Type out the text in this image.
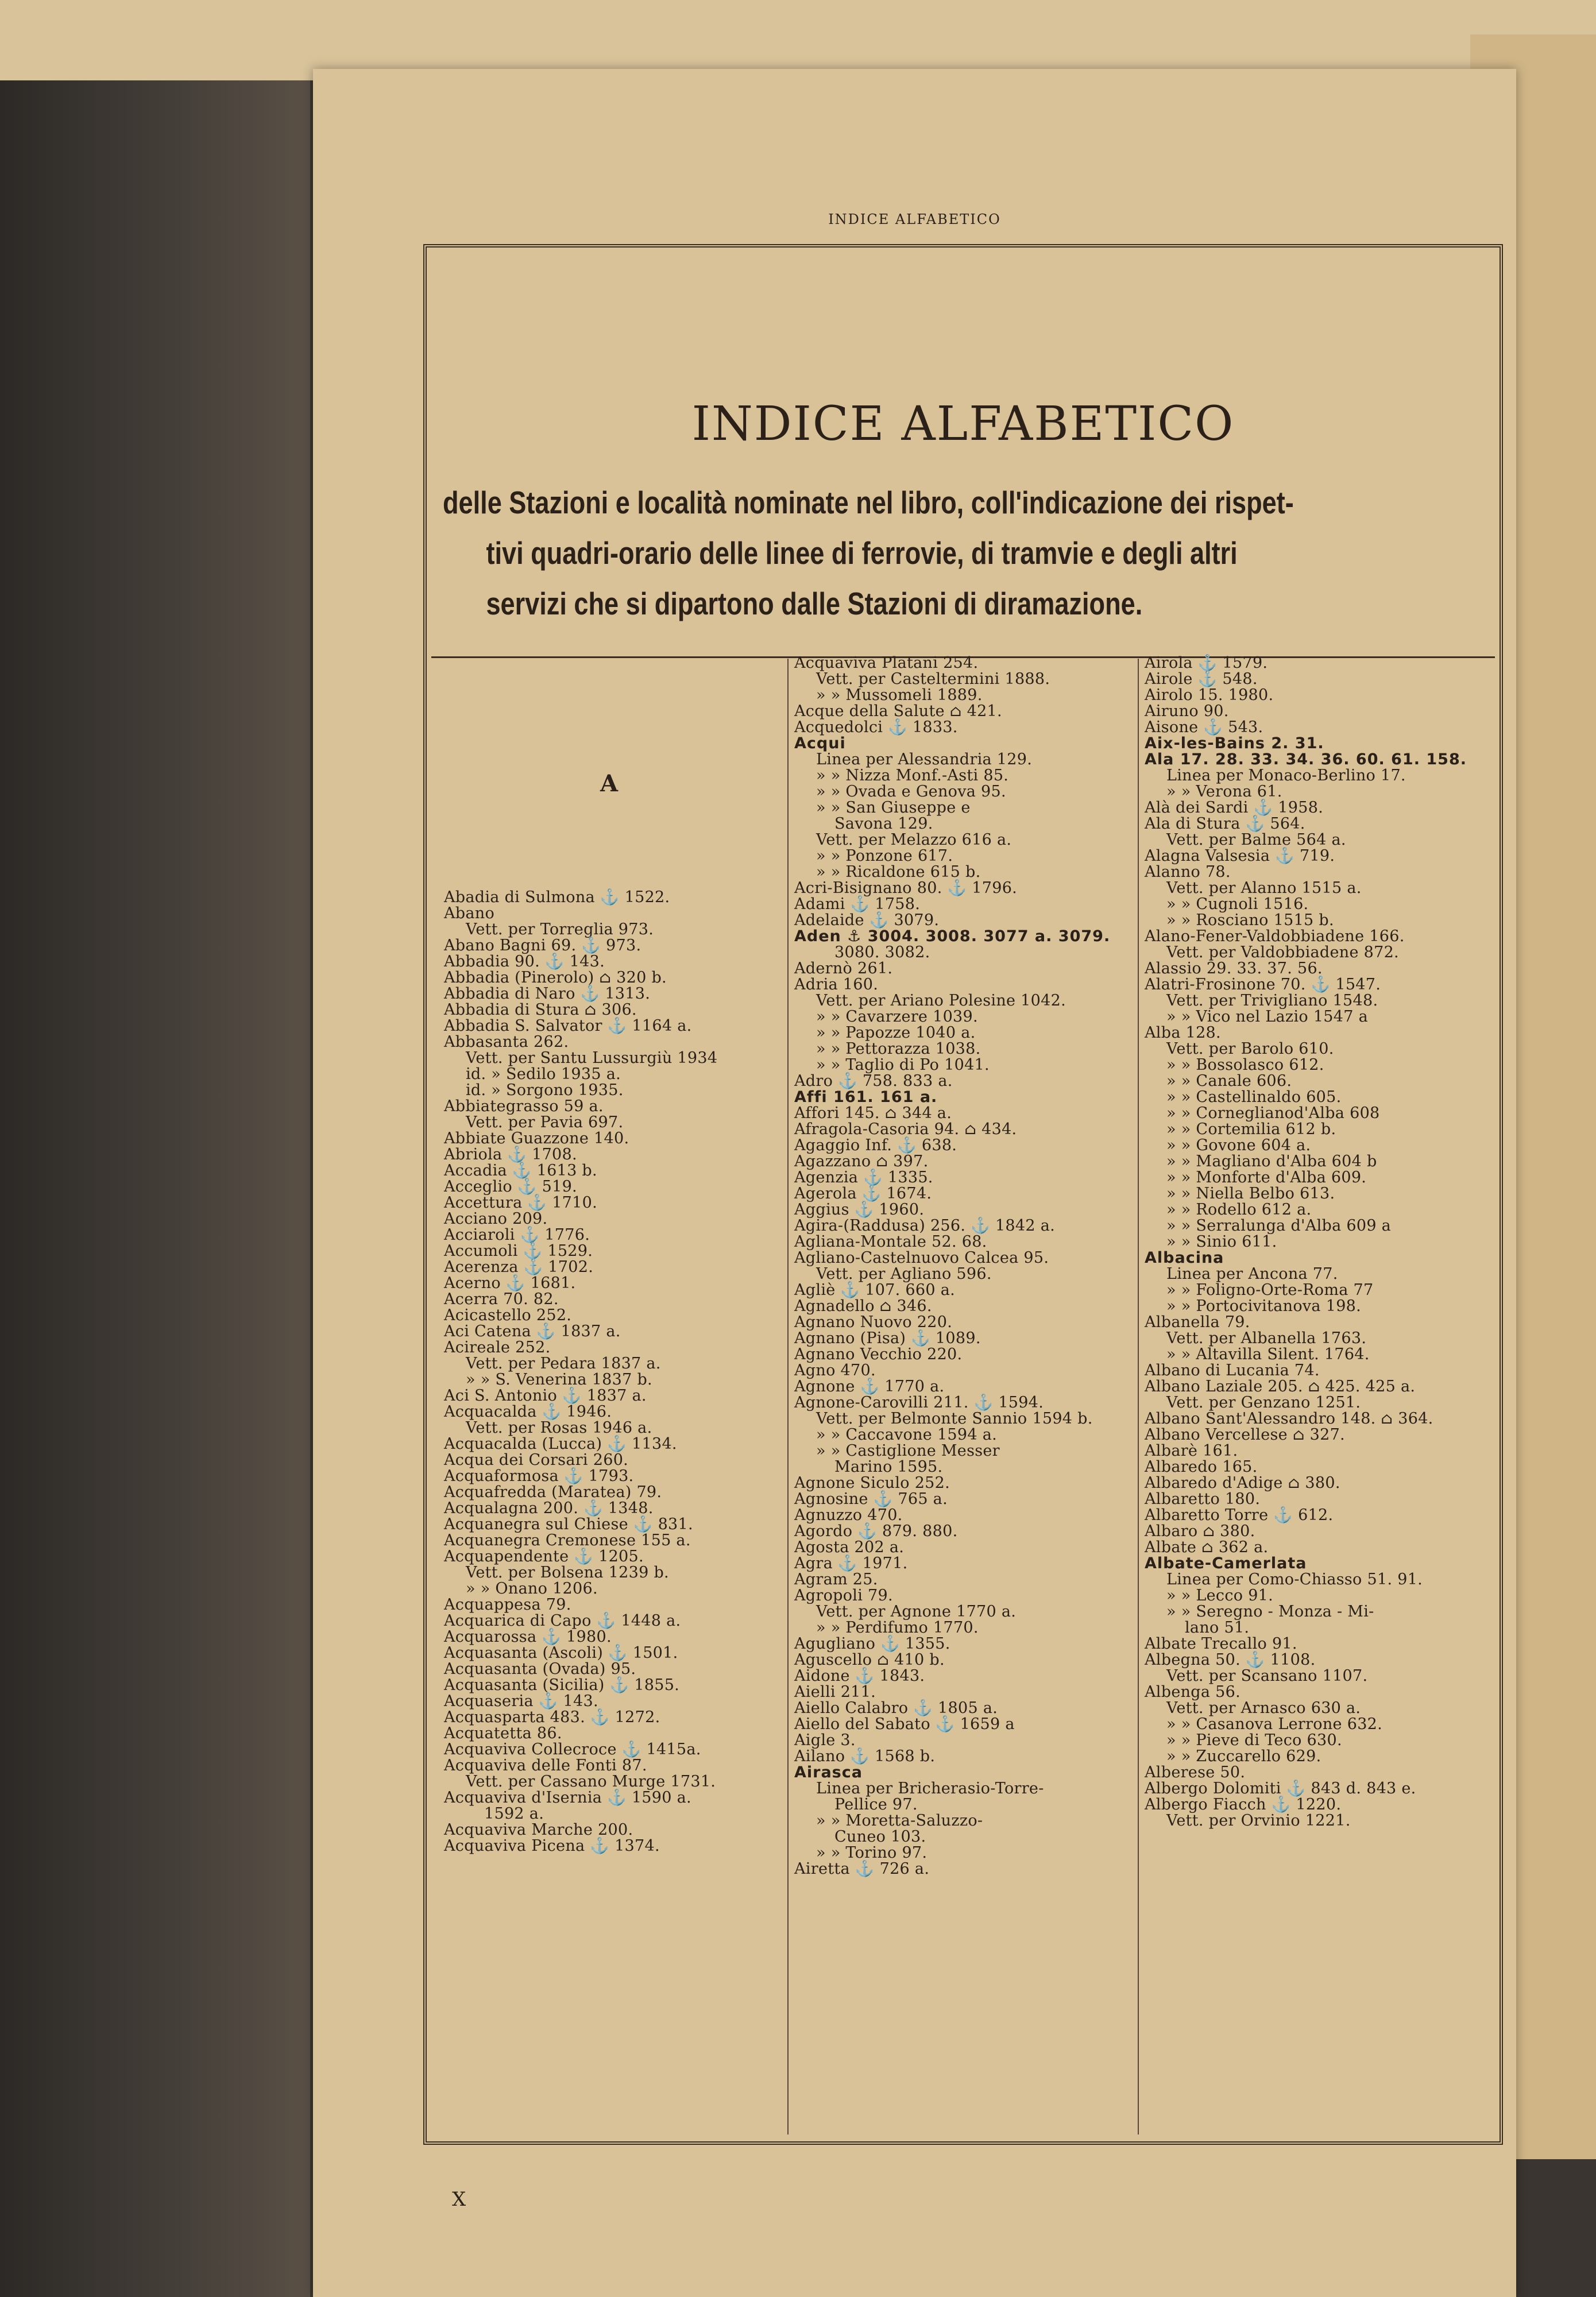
INDICE ALFABETICO
INDICE ALFABETICO
delle Stazioni e località nominate nel libro, coll'indicazione dei rispet-
tivi quadri-orario delle linee di ferrovie, di tramvie e degli altri
servizi che si dipartono dalle Stazioni di diramazione.
A
Abadia di Sulmona ⚓ 1522.
Abano
Vett. per Torreglia 973.
Abano Bagni 69. ⚓ 973.
Abbadia 90. ⚓ 143.
Abbadia (Pinerolo) ⌂ 320 b.
Abbadia di Naro ⚓ 1313.
Abbadia di Stura ⌂ 306.
Abbadia S. Salvator ⚓ 1164 a.
Abbasanta 262.
Vett. per Santu Lussurgiù 1934
id. » Sedilo 1935 a.
id. » Sorgono 1935.
Abbiategrasso 59 a.
Vett. per Pavia 697.
Abbiate Guazzone 140.
Abriola ⚓ 1708.
Accadia ⚓ 1613 b.
Acceglio ⚓ 519.
Accettura ⚓ 1710.
Acciano 209.
Acciaroli ⚓ 1776.
Accumoli ⚓ 1529.
Acerenza ⚓ 1702.
Acerno ⚓ 1681.
Acerra 70. 82.
Acicastello 252.
Aci Catena ⚓ 1837 a.
Acireale 252.
Vett. per Pedara 1837 a.
» » S. Venerina 1837 b.
Aci S. Antonio ⚓ 1837 a.
Acquacalda ⚓ 1946.
Vett. per Rosas 1946 a.
Acquacalda (Lucca) ⚓ 1134.
Acqua dei Corsari 260.
Acquaformosa ⚓ 1793.
Acquafredda (Maratea) 79.
Acqualagna 200. ⚓ 1348.
Acquanegra sul Chiese ⚓ 831.
Acquanegra Cremonese 155 a.
Acquapendente ⚓ 1205.
Vett. per Bolsena 1239 b.
» » Onano 1206.
Acquappesa 79.
Acquarica di Capo ⚓ 1448 a.
Acquarossa ⚓ 1980.
Acquasanta (Ascoli) ⚓ 1501.
Acquasanta (Ovada) 95.
Acquasanta (Sicilia) ⚓ 1855.
Acquaseria ⚓ 143.
Acquasparta 483. ⚓ 1272.
Acquatetta 86.
Acquaviva Collecroce ⚓ 1415a.
Acquaviva delle Fonti 87.
Vett. per Cassano Murge 1731.
Acquaviva d'Isernia ⚓ 1590 a.
1592 a.
Acquaviva Marche 200.
Acquaviva Picena ⚓ 1374.
Acquaviva Platani 254.
Vett. per Casteltermini 1888.
» » Mussomeli 1889.
Acque della Salute ⌂ 421.
Acquedolci ⚓ 1833.
Acqui
Linea per Alessandria 129.
» » Nizza Monf.-Asti 85.
» » Ovada e Genova 95.
» » San Giuseppe e
Savona 129.
Vett. per Melazzo 616 a.
» » Ponzone 617.
» » Ricaldone 615 b.
Acri-Bisignano 80. ⚓ 1796.
Adami ⚓ 1758.
Adelaide ⚓ 3079.
Aden ⚓ 3004. 3008. 3077 a. 3079.
3080. 3082.
Adernò 261.
Adria 160.
Vett. per Ariano Polesine 1042.
» » Cavarzere 1039.
» » Papozze 1040 a.
» » Pettorazza 1038.
» » Taglio di Po 1041.
Adro ⚓ 758. 833 a.
Affi 161. 161 a.
Affori 145. ⌂ 344 a.
Afragola-Casoria 94. ⌂ 434.
Agaggio Inf. ⚓ 638.
Agazzano ⌂ 397.
Agenzia ⚓ 1335.
Agerola ⚓ 1674.
Aggius ⚓ 1960.
Agira-(Raddusa) 256. ⚓ 1842 a.
Agliana-Montale 52. 68.
Agliano-Castelnuovo Calcea 95.
Vett. per Agliano 596.
Agliè ⚓ 107. 660 a.
Agnadello ⌂ 346.
Agnano Nuovo 220.
Agnano (Pisa) ⚓ 1089.
Agnano Vecchio 220.
Agno 470.
Agnone ⚓ 1770 a.
Agnone-Carovilli 211. ⚓ 1594.
Vett. per Belmonte Sannio 1594 b.
» » Caccavone 1594 a.
» » Castiglione Messer
Marino 1595.
Agnone Siculo 252.
Agnosine ⚓ 765 a.
Agnuzzo 470.
Agordo ⚓ 879. 880.
Agosta 202 a.
Agra ⚓ 1971.
Agram 25.
Agropoli 79.
Vett. per Agnone 1770 a.
» » Perdifumo 1770.
Agugliano ⚓ 1355.
Aguscello ⌂ 410 b.
Aidone ⚓ 1843.
Aielli 211.
Aiello Calabro ⚓ 1805 a.
Aiello del Sabato ⚓ 1659 a
Aigle 3.
Ailano ⚓ 1568 b.
Airasca
Linea per Bricherasio-Torre-
Pellice 97.
» » Moretta-Saluzzo-
Cuneo 103.
» » Torino 97.
Airetta ⚓ 726 a.
Airola ⚓ 1579.
Airole ⚓ 548.
Airolo 15. 1980.
Airuno 90.
Aisone ⚓ 543.
Aix-les-Bains 2. 31.
Ala 17. 28. 33. 34. 36. 60. 61. 158.
Linea per Monaco-Berlino 17.
» » Verona 61.
Alà dei Sardi ⚓ 1958.
Ala di Stura ⚓ 564.
Vett. per Balme 564 a.
Alagna Valsesia ⚓ 719.
Alanno 78.
Vett. per Alanno 1515 a.
» » Cugnoli 1516.
» » Rosciano 1515 b.
Alano-Fener-Valdobbiadene 166.
Vett. per Valdobbiadene 872.
Alassio 29. 33. 37. 56.
Alatri-Frosinone 70. ⚓ 1547.
Vett. per Trivigliano 1548.
» » Vico nel Lazio 1547 a
Alba 128.
Vett. per Barolo 610.
» » Bossolasco 612.
» » Canale 606.
» » Castellinaldo 605.
» » Corneglianod'Alba 608
» » Cortemilia 612 b.
» » Govone 604 a.
» » Magliano d'Alba 604 b
» » Monforte d'Alba 609.
» » Niella Belbo 613.
» » Rodello 612 a.
» » Serralunga d'Alba 609 a
» » Sinio 611.
Albacina
Linea per Ancona 77.
» » Foligno-Orte-Roma 77
» » Portocivitanova 198.
Albanella 79.
Vett. per Albanella 1763.
» » Altavilla Silent. 1764.
Albano di Lucania 74.
Albano Laziale 205. ⌂ 425. 425 a.
Vett. per Genzano 1251.
Albano Sant'Alessandro 148. ⌂ 364.
Albano Vercellese ⌂ 327.
Albarè 161.
Albaredo 165.
Albaredo d'Adige ⌂ 380.
Albaretto 180.
Albaretto Torre ⚓ 612.
Albaro ⌂ 380.
Albate ⌂ 362 a.
Albate-Camerlata
Linea per Como-Chiasso 51. 91.
» » Lecco 91.
» » Seregno - Monza - Mi-
lano 51.
Albate Trecallo 91.
Albegna 50. ⚓ 1108.
Vett. per Scansano 1107.
Albenga 56.
Vett. per Arnasco 630 a.
» » Casanova Lerrone 632.
» » Pieve di Teco 630.
» » Zuccarello 629.
Alberese 50.
Albergo Dolomiti ⚓ 843 d. 843 e.
Albergo Fiacch ⚓ 1220.
Vett. per Orvinio 1221.
X
